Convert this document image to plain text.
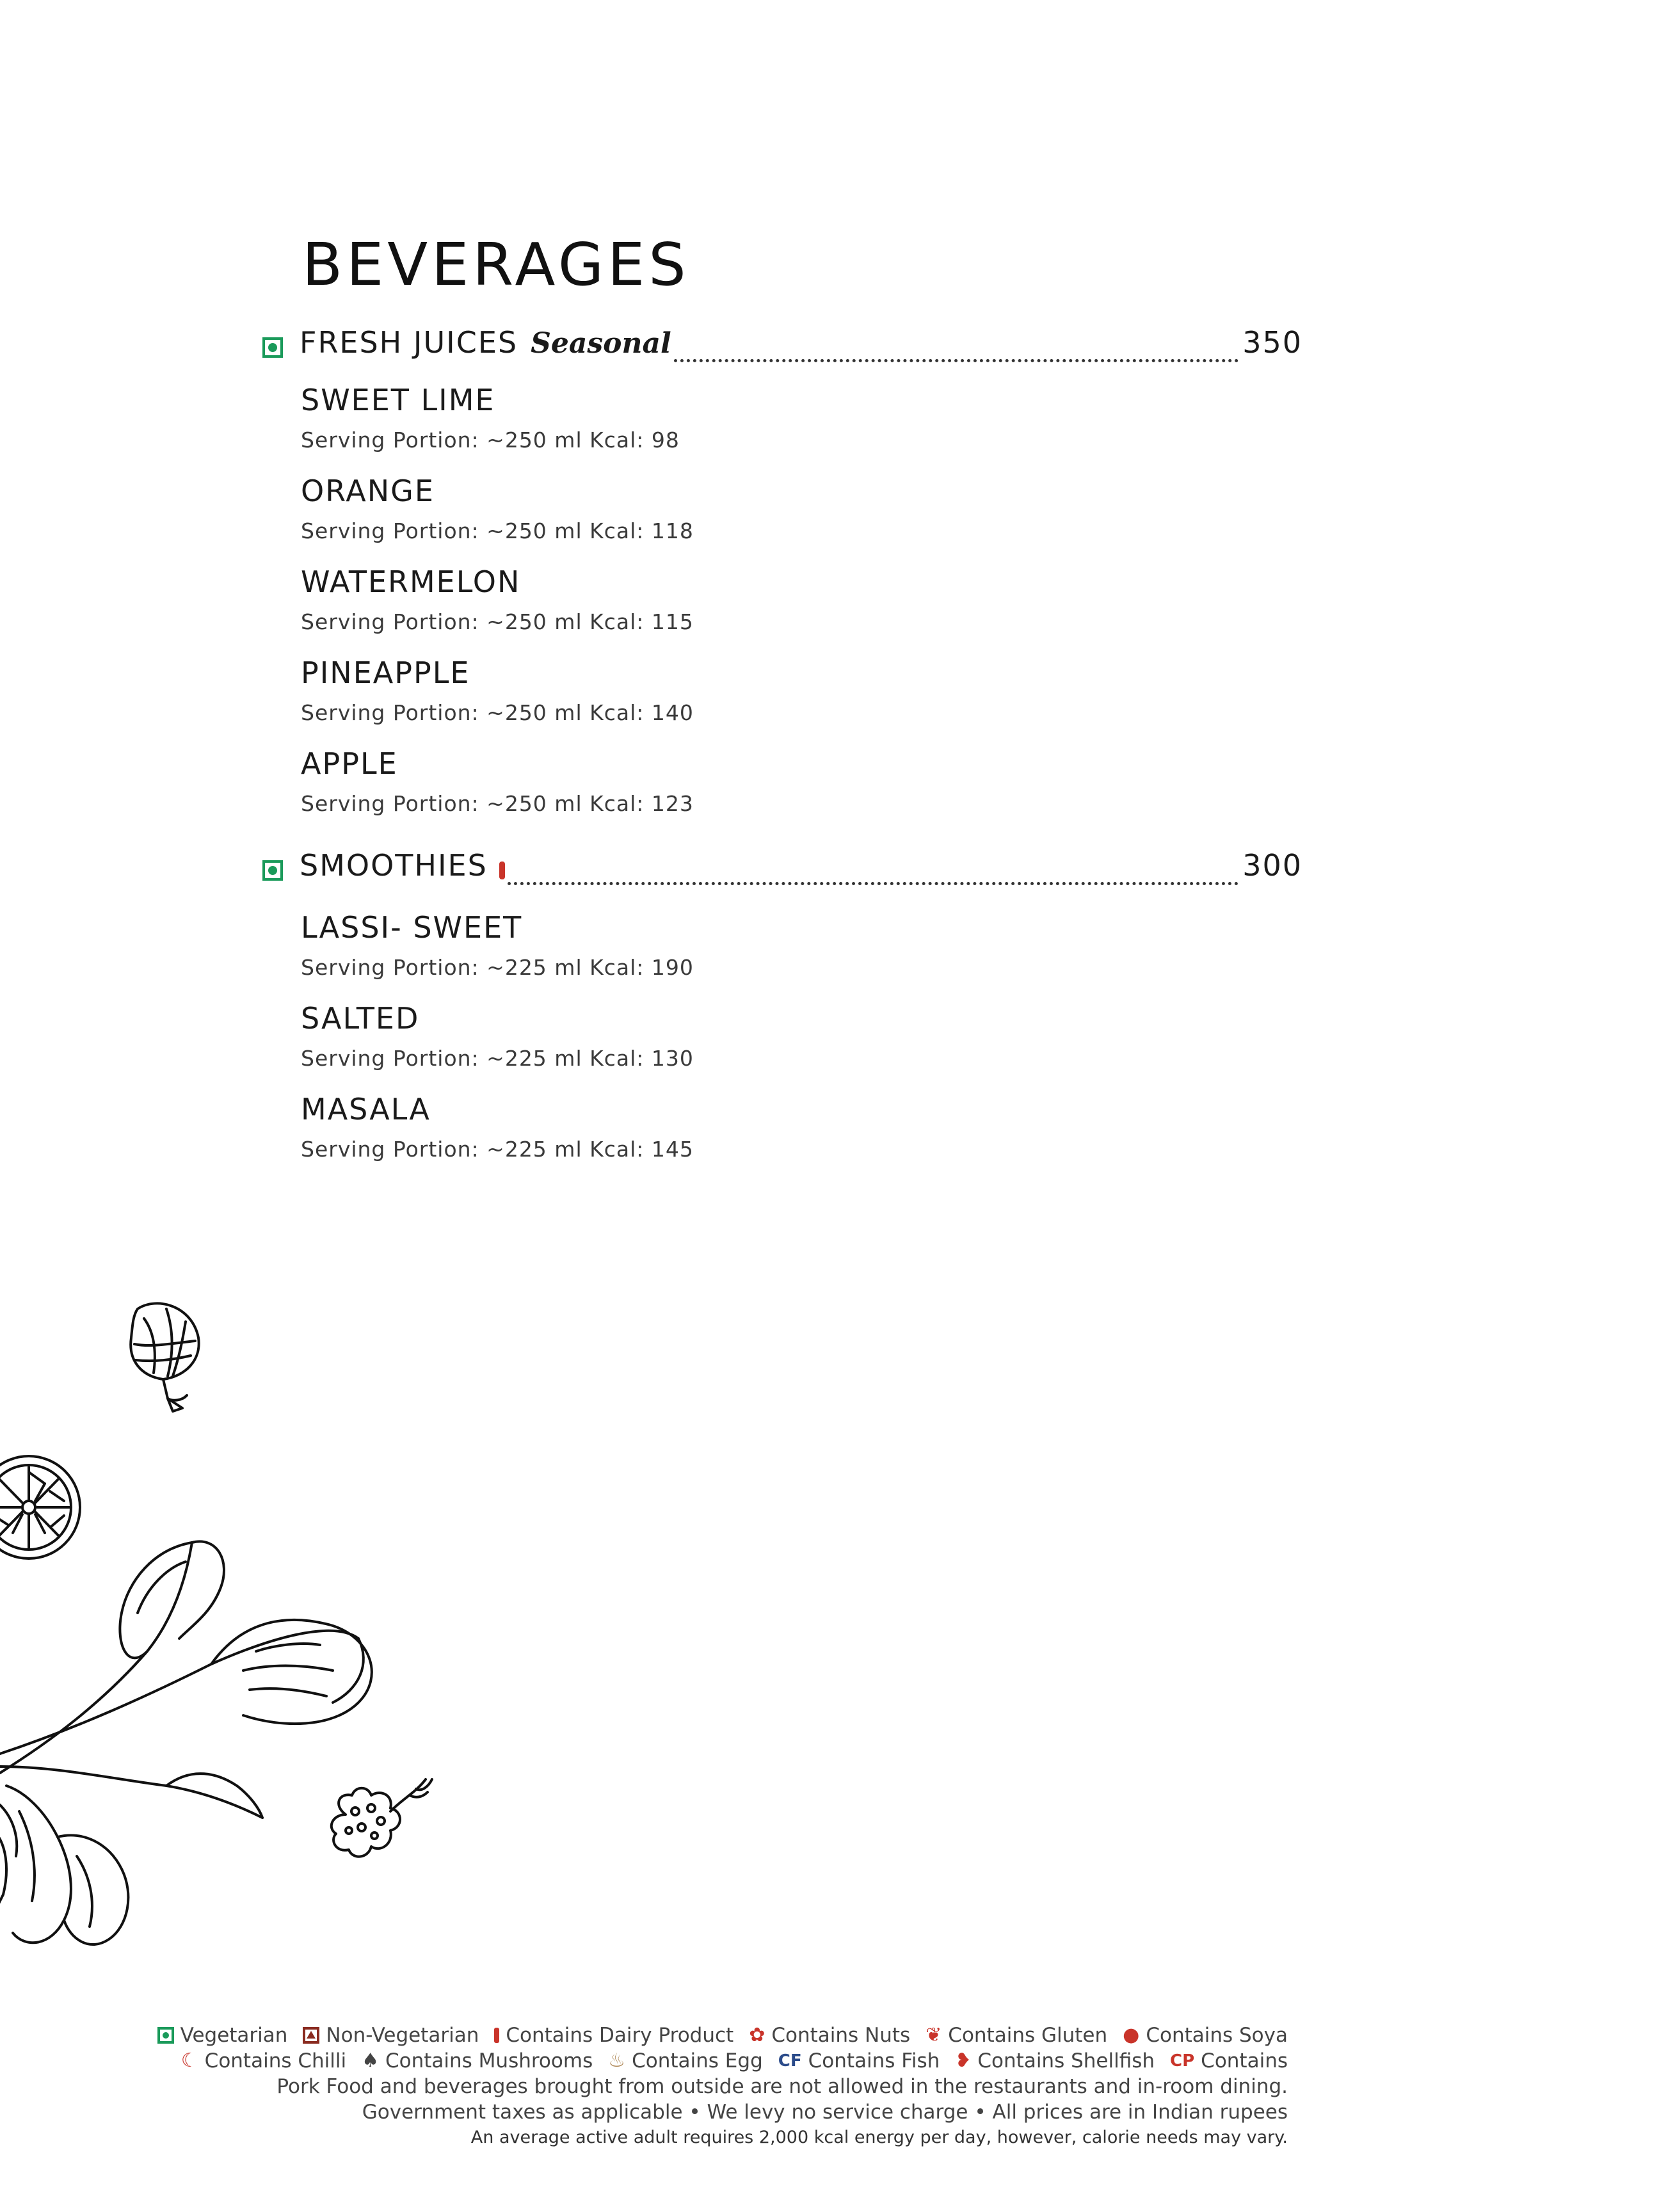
BEVERAGES
FRESH JUICES Seasonal	350
SWEET LIME
Serving Portion: ~250 ml Kcal: 98
ORANGE
Serving Portion: ~250 ml Kcal: 118
WATERMELON
Serving Portion: ~250 ml Kcal: 115
PINEAPPLE
Serving Portion: ~250 ml Kcal: 140
APPLE
Serving Portion: ~250 ml Kcal: 123
SMOOTHIES	300
LASSI- SWEET
Serving Portion: ~225 ml Kcal: 190
SALTED
Serving Portion: ~225 ml Kcal: 130
MASALA
Serving Portion: ~225 ml Kcal: 145
Vegetarian Non-Vegetarian Contains Dairy Product ✿ Contains Nuts ❦ Contains Gluten ● Contains Soya
☾ Contains Chilli ♠ Contains Mushrooms ♨ Contains Egg CF Contains Fish ❥ Contains Shellfish CP Contains
Pork Food and beverages brought from outside are not allowed in the restaurants and in-room dining.
Government taxes as applicable • We levy no service charge • All prices are in Indian rupees
An average active adult requires 2,000 kcal energy per day, however, calorie needs may vary.
